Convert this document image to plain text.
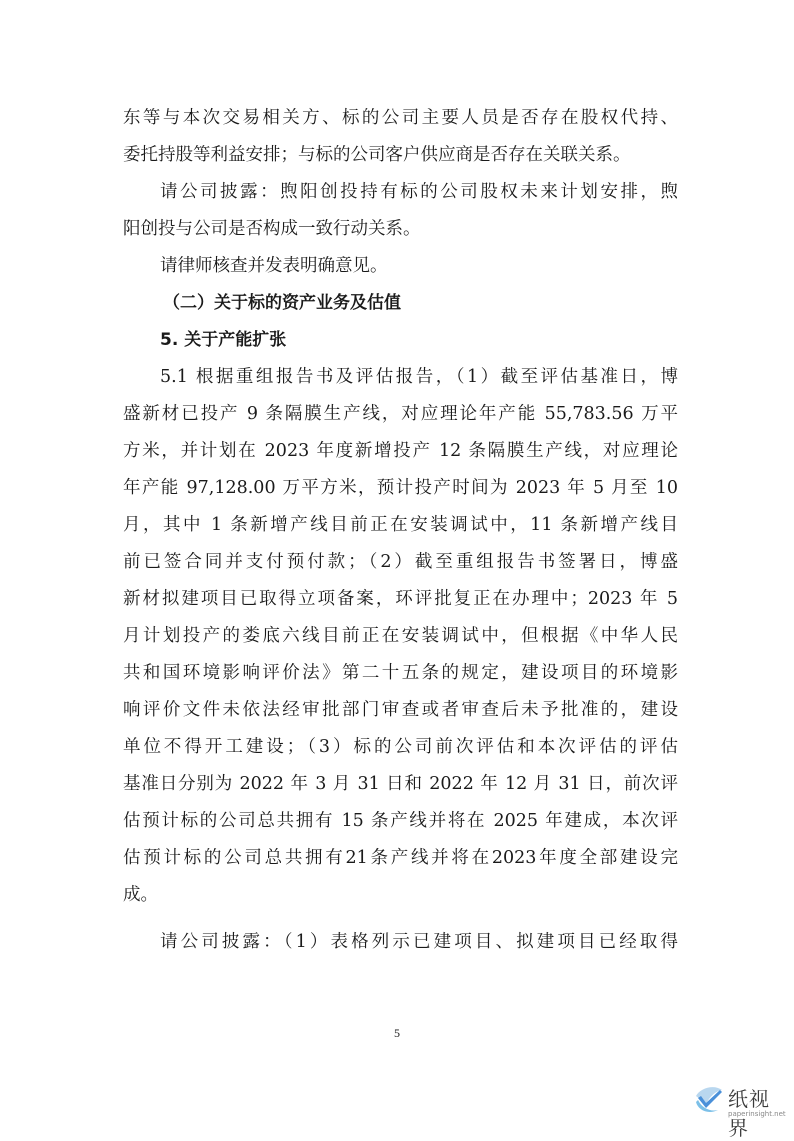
东等与本次交易相关方、标的公司主要人员是否存在股权代持、
委托持股等利益安排；与标的公司客户供应商是否存在关联关系。
请公司披露：煦阳创投持有标的公司股权未来计划安排，煦
阳创投与公司是否构成一致行动关系。
请律师核查并发表明确意见。
（二）关于标的资产业务及估值
5. 关于产能扩张
5.1 根据重组报告书及评估报告，（1）截至评估基准日，博
盛新材已投产 9 条隔膜生产线，对应理论年产能 55,783.56 万平
方米，并计划在 2023 年度新增投产 12 条隔膜生产线，对应理论
年产能 97,128.00 万平方米，预计投产时间为 2023 年 5 月至 10
月，其中 1 条新增产线目前正在安装调试中，11 条新增产线目
前已签合同并支付预付款；（2）截至重组报告书签署日，博盛
新材拟建项目已取得立项备案，环评批复正在办理中；2023 年 5
月计划投产的娄底六线目前正在安装调试中，但根据《中华人民
共和国环境影响评价法》第二十五条的规定，建设项目的环境影
响评价文件未依法经审批部门审查或者审查后未予批准的，建设
单位不得开工建设；（3）标的公司前次评估和本次评估的评估
基准日分别为 2022 年 3 月 31 日和 2022 年 12 月 31 日，前次评
估预计标的公司总共拥有 15 条产线并将在 2025 年建成，本次评
估预计标的公司总共拥有21条产线并将在2023年度全部建设完
成。
请公司披露：（1）表格列示已建项目、拟建项目已经取得
5
纸视界
paperinsight.net
